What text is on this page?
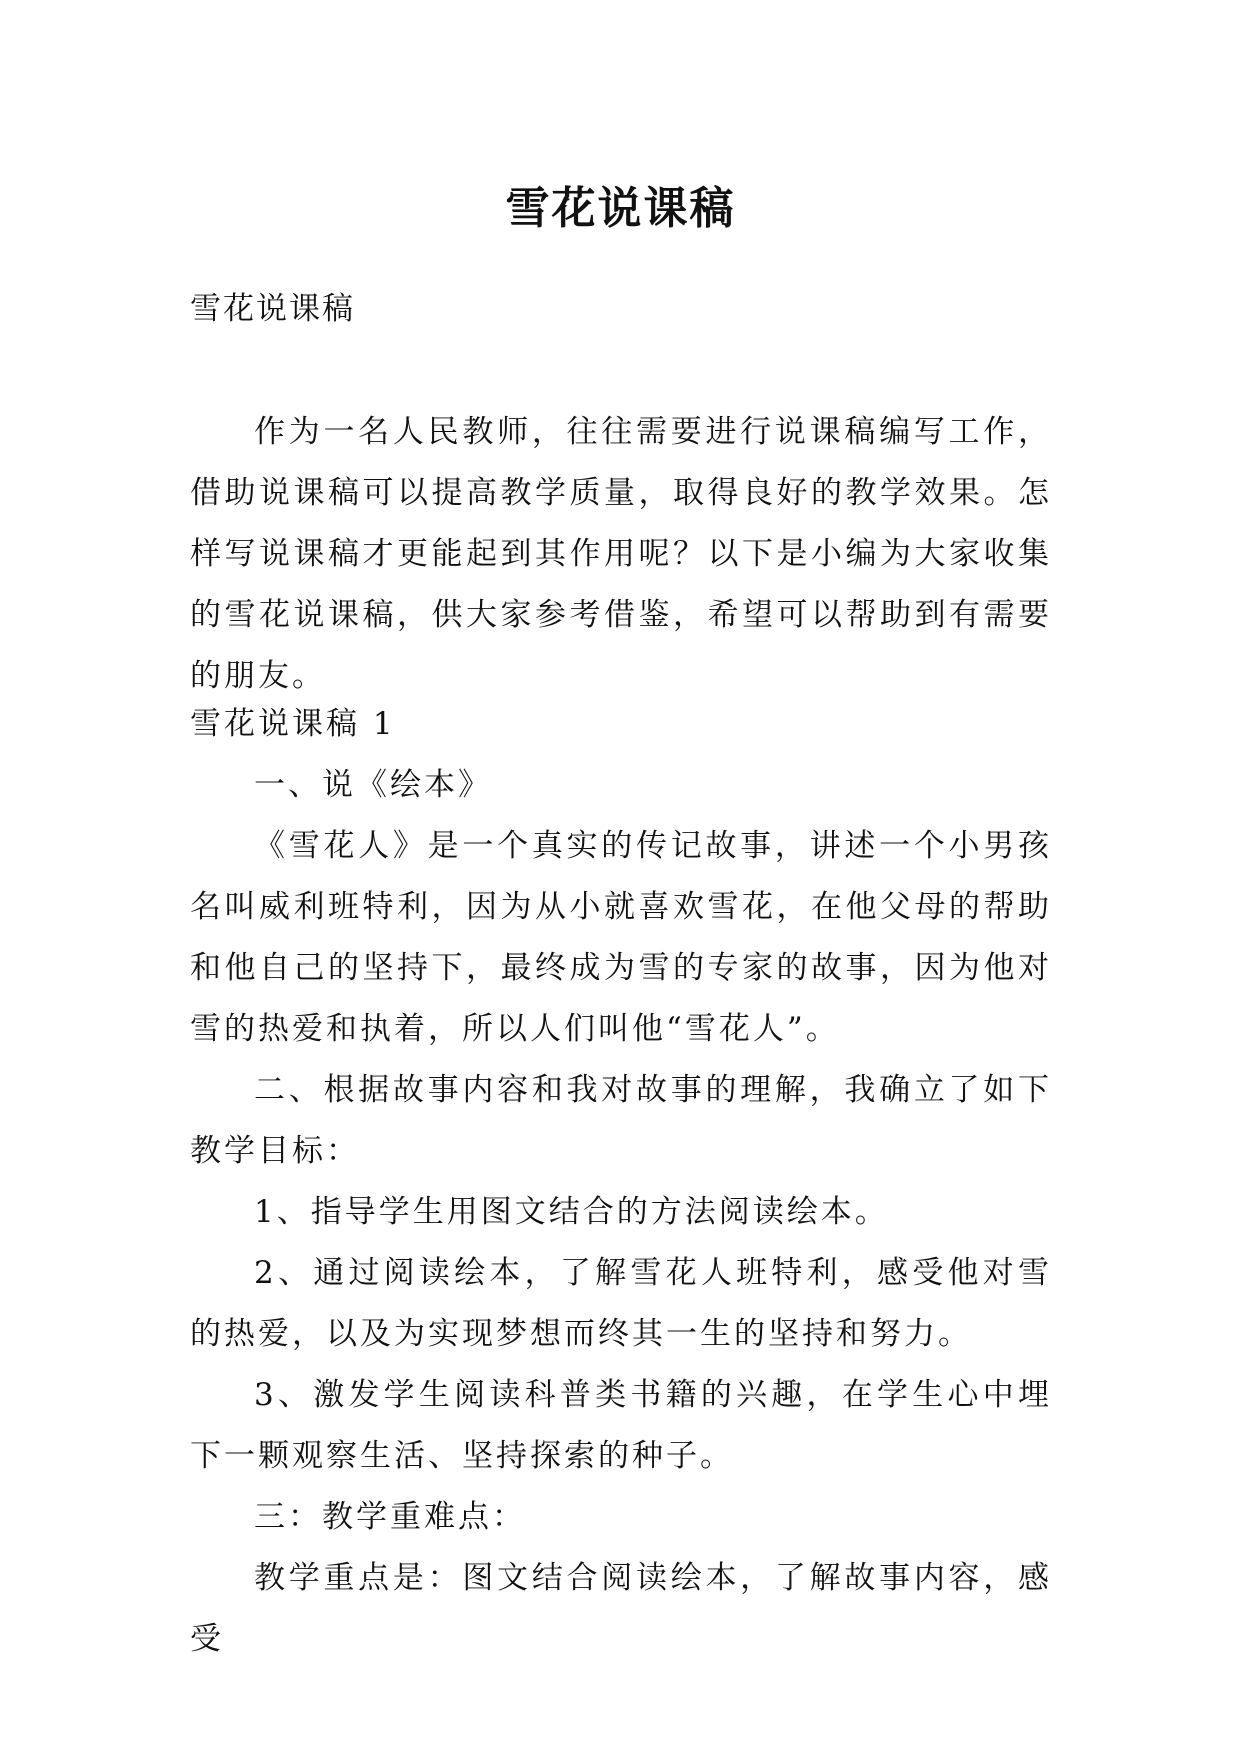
雪花说课稿
雪花说课稿

作为一名人民教师，往往需要进行说课稿编写工作，借助说课稿可以提高教学质量，取得良好的教学效果。怎样写说课稿才更能起到其作用呢？以下是小编为大家收集的雪花说课稿，供大家参考借鉴，希望可以帮助到有需要的朋友。

雪花说课稿 1

一、说《绘本》

《雪花人》是一个真实的传记故事，讲述一个小男孩名叫威利班特利，因为从小就喜欢雪花，在他父母的帮助和他自己的坚持下，最终成为雪的专家的故事，因为他对雪的热爱和执着，所以人们叫他“雪花人”。

二、根据故事内容和我对故事的理解，我确立了如下教学目标：

1、指导学生用图文结合的方法阅读绘本。

2、通过阅读绘本，了解雪花人班特利，感受他对雪的热爱，以及为实现梦想而终其一生的坚持和努力。

3、激发学生阅读科普类书籍的兴趣，在学生心中埋下一颗观察生活、坚持探索的种子。

三：教学重难点：

教学重点是：图文结合阅读绘本，了解故事内容，感受
